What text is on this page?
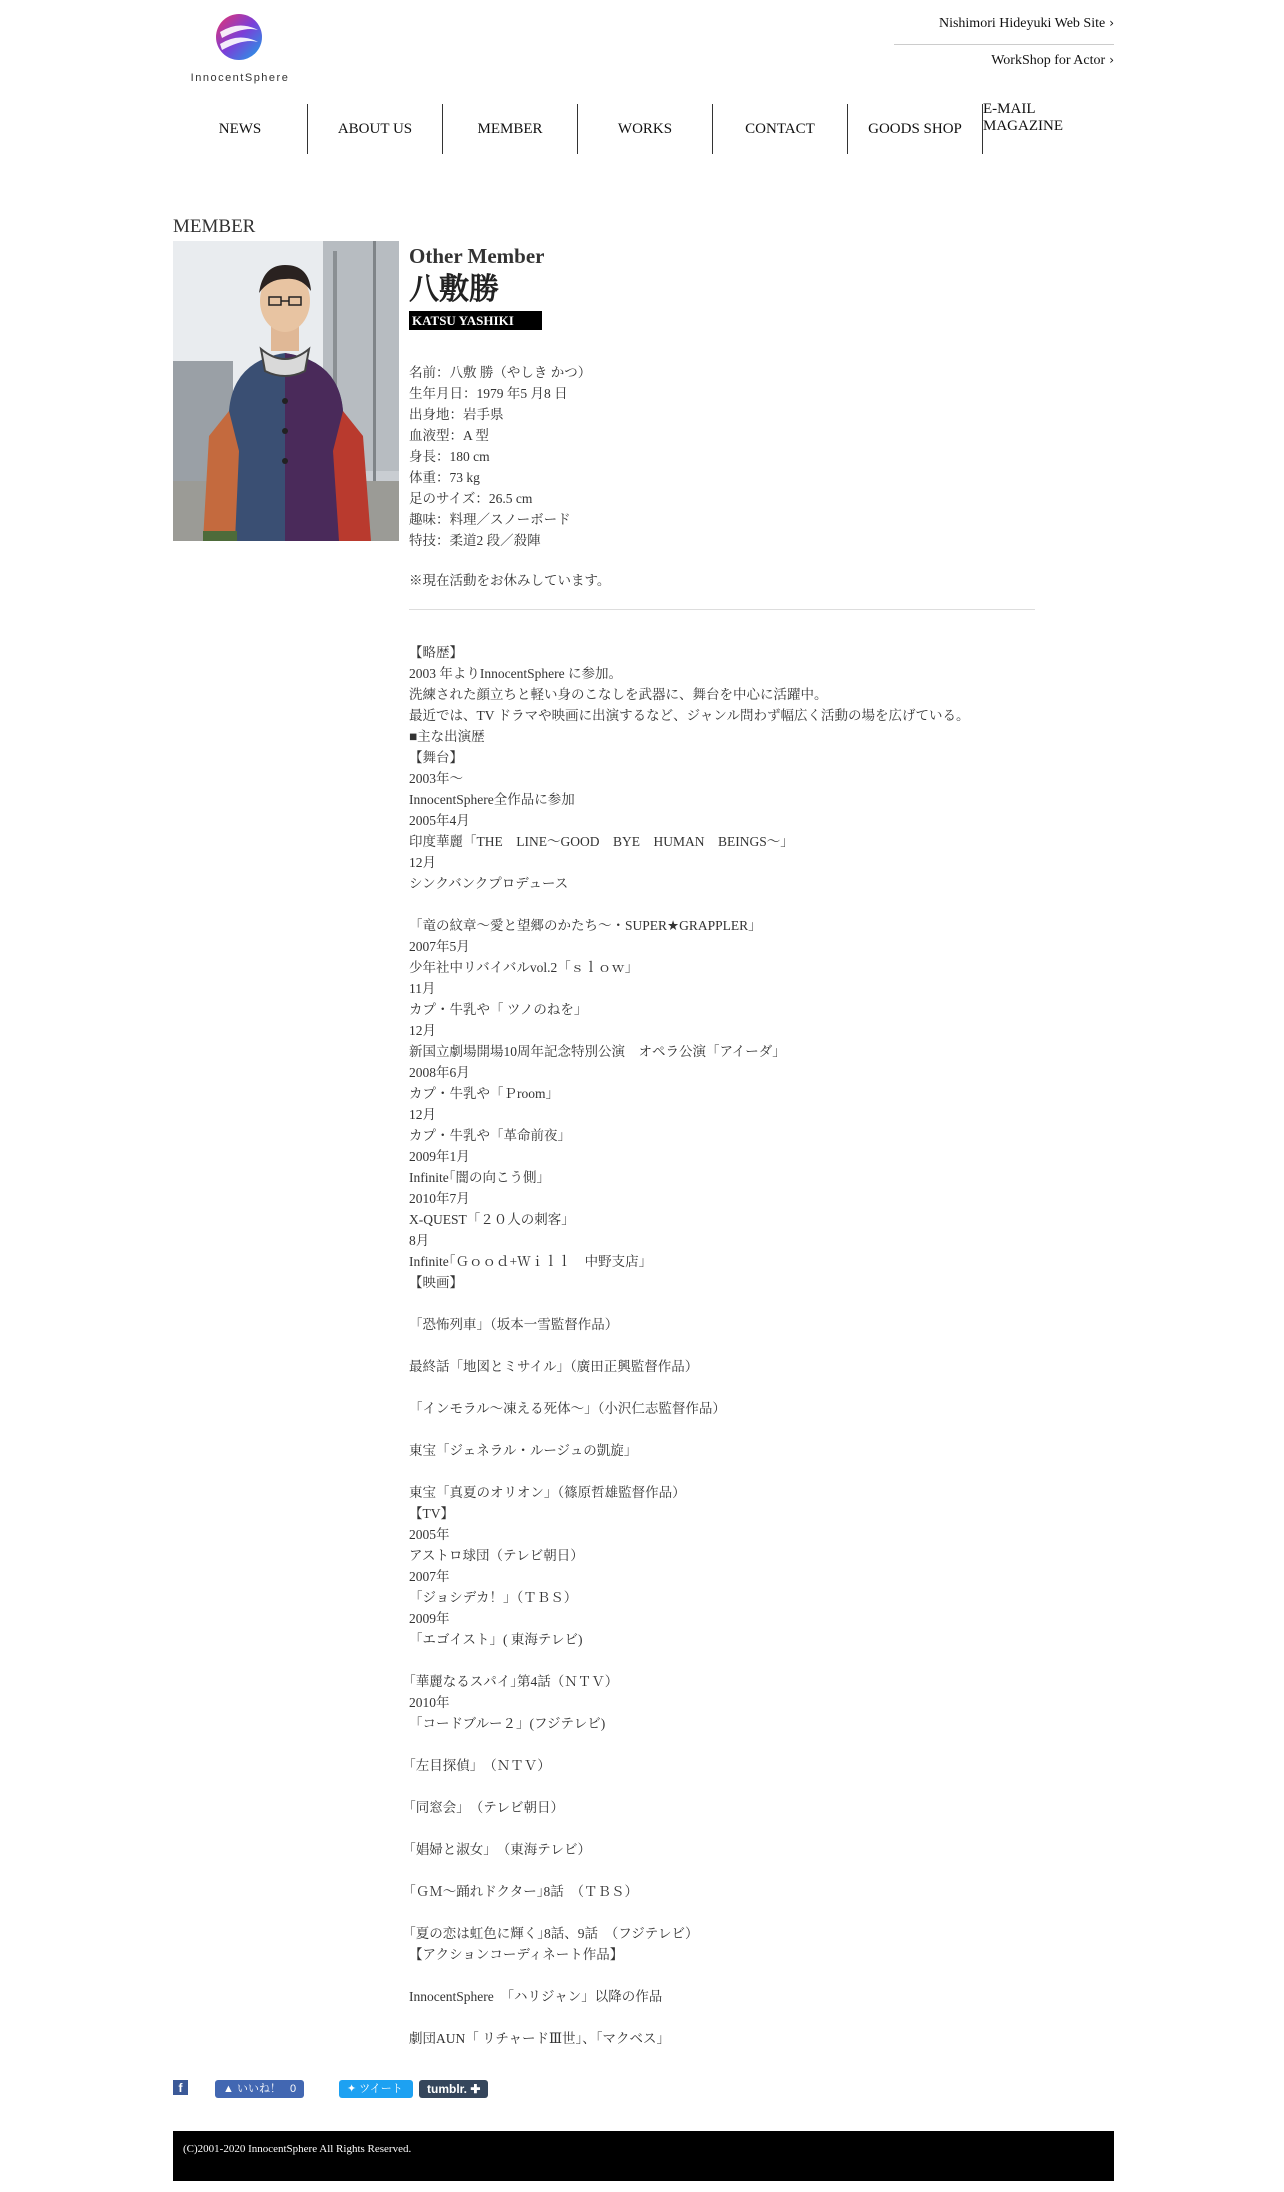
InnocentSphere
Nishimori Hideyuki Web Site ›
WorkShop for Actor ›
NEWS	ABOUT US	MEMBER	WORKS	CONTACT	GOODS SHOP
E-MAIL MAGAZINE
MEMBER
Other Member
八敷勝
KATSU YASHIKI
名前：八敷 勝（やしき かつ）
生年月日：1979 年5 月8 日
出身地：岩手県
血液型：A 型
身長：180 cm
体重：73 kg
足のサイズ：26.5 cm
趣味：料理／スノーボード
特技：柔道2 段／殺陣
※現在活動をお休みしています。
【略歴】
2003 年よりInnocentSphere に参加。
洗練された顔立ちと軽い身のこなしを武器に、舞台を中心に活躍中。
最近では、TV ドラマや映画に出演するなど、ジャンル問わず幅広く活動の場を広げている。
■主な出演歴
【舞台】
2003年～
InnocentSphere全作品に参加
2005年4月
印度華麗「THE　LINE～GOOD　BYE　HUMAN　BEINGS～」
12月
シンクバンクプロデュース
「竜の紋章～愛と望郷のかたち～・SUPER★GRAPPLER」
2007年5月
少年社中リバイバルvol.2「ｓｌｏｗ」
11月
カプ・牛乳や「 ツノのねを」
12月
新国立劇場開場10周年記念特別公演　オペラ公演「アイーダ」
2008年6月
カプ・牛乳や「Ｐroom」
12月
カプ・牛乳や「革命前夜」
2009年1月
Infinite｢闇の向こう側｣
2010年7月
X-QUEST「２０人の刺客」
8月
Infinite｢Ｇｏｏｄ+Ｗｉｌｌ　中野支店｣
【映画】
「恐怖列車」（坂本一雪監督作品）
最終話「地図とミサイル」（廣田正興監督作品）
「インモラル～凍える死体～」（小沢仁志監督作品）
東宝「ジェネラル・ルージュの凱旋」
東宝「真夏のオリオン」（篠原哲雄監督作品）
【TV】
2005年
アストロ球団（テレビ朝日）
2007年
「ジョシデカ！」（ＴＢＳ）
2009年
「エゴイスト」( 東海テレビ)
｢華麗なるスパイ｣第4話（ＮＴＶ）
2010年
「コードブルー２」(フジテレビ)
｢左目探偵｣　（ＮＴＶ）
｢同窓会｣　（テレビ朝日）
｢娼婦と淑女｣　（東海テレビ）
｢ＧＭ～踊れドクター｣8話　（ＴＢＳ）
｢夏の恋は虹色に輝く｣8話、9話　（フジテレビ）
【アクションコーディネート作品】
InnocentSphere　「ハリジャン」以降の作品
劇団AUN「 リチャードⅢ世」、「マクベス」
f	▲ いいね！ 0	✦ ツイート	tumblr. ✚
(C)2001-2020 InnocentSphere All Rights Reserved.
